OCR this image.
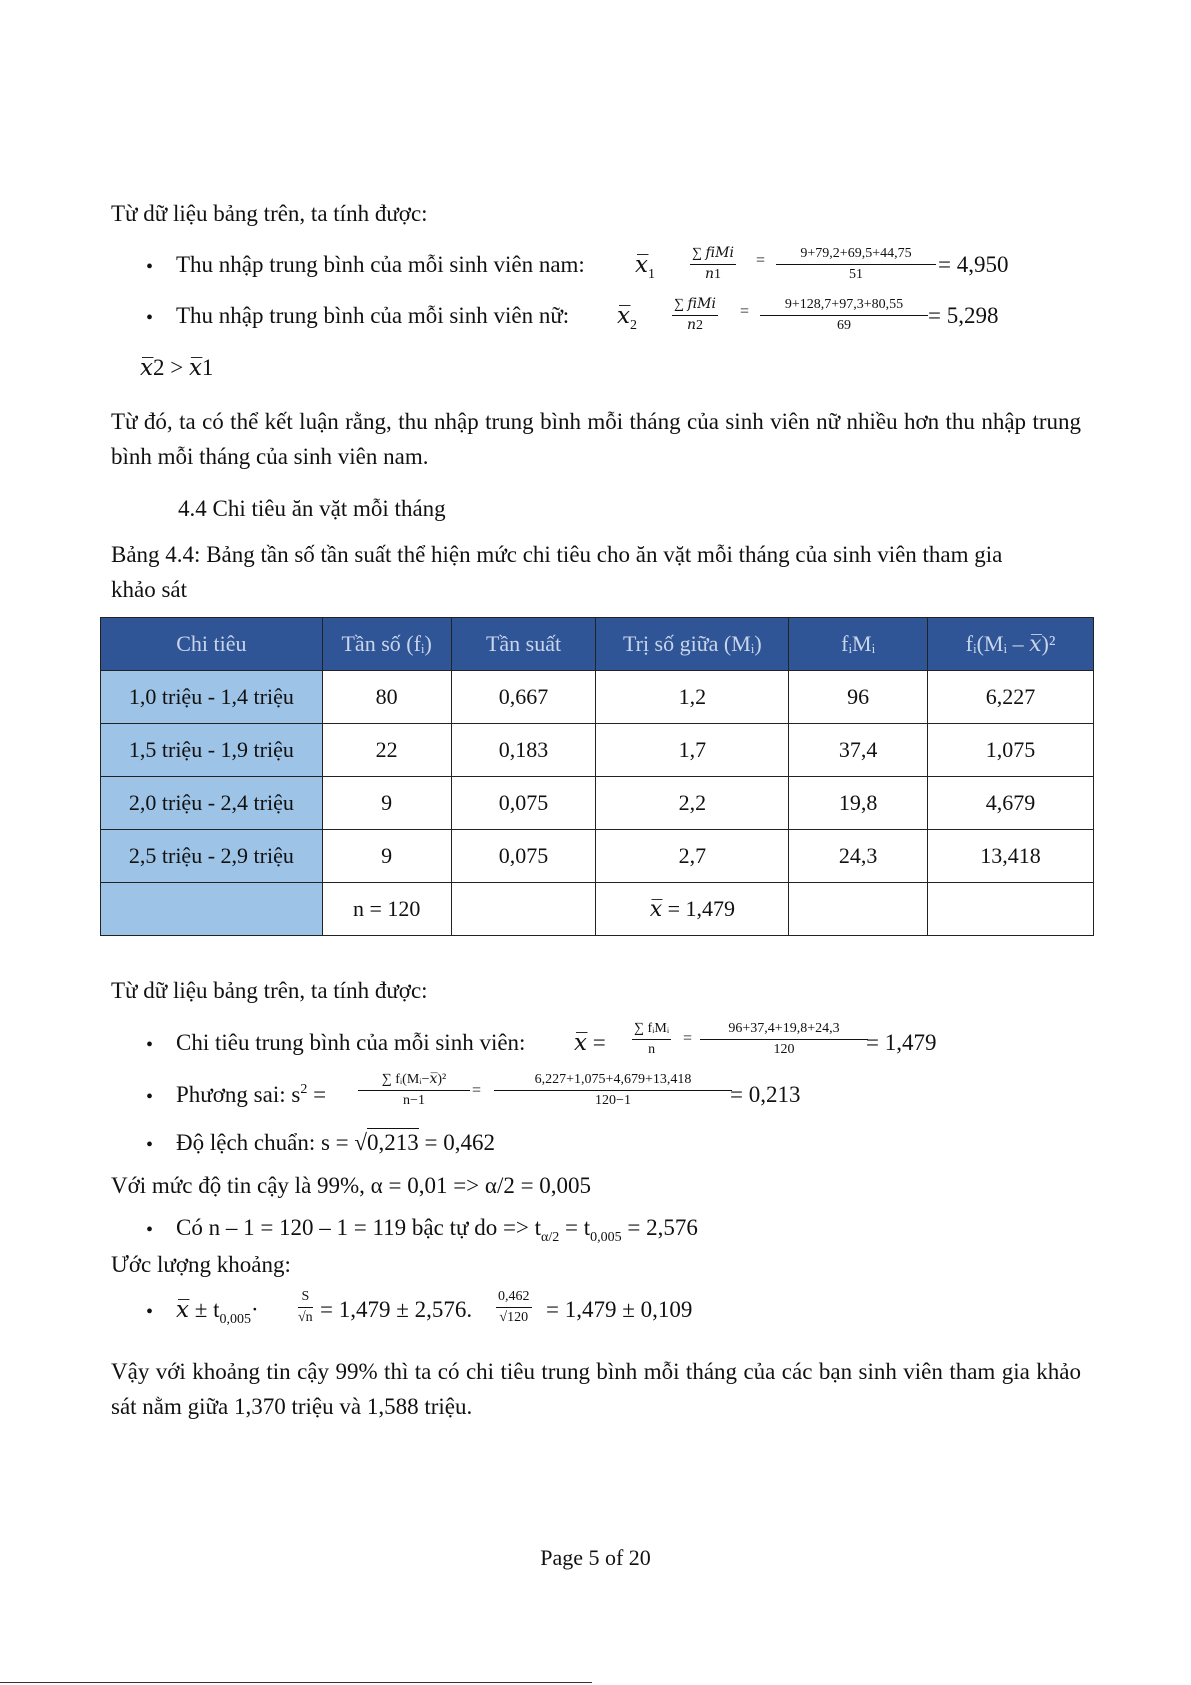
Từ dữ liệu bảng trên, ta tính được:
• Thu nhập trung bình của mỗi sinh viên nam: $𝑥̅_1$
∑ 𝑓𝑖𝑀𝑖
𝑛1
= $\frac{9+79,2+69,5+44,75}{51} = 4,950$
• Thu nhập trung bình của mỗi sinh viên nữ: $𝑥̅_2$
∑ 𝑓𝑖𝑀𝑖
𝑛2
= $\frac{9+128,7+97,3+80,55}{69} = 5,298$
𝑥̅2 > 𝑥̅1
Từ đó, ta có thể kết luận rằng, thu nhập trung bình mỗi tháng của sinh viên nữ nhiều hơn thu nhập trung bình mỗi tháng của sinh viên nam.
4.4 Chi tiêu ăn vặt mỗi tháng
Bảng 4.4: Bảng tần số tần suất thể hiện mức chi tiêu cho ăn vặt mỗi tháng của sinh viên tham gia khảo sát
Chi tiêu	Tần số (fᵢ)	Tần suất	Trị số giữa (Mᵢ)	fᵢMᵢ	fᵢ(Mᵢ – 𝑥̅)²
1,0 triệu - 1,4 triệu	80	0,667	1,2	96	6,227
1,5 triệu - 1,9 triệu	22	0,183	1,7	37,4	1,075
2,0 triệu - 2,4 triệu	9	0,075	2,2	19,8	4,679
2,5 triệu - 2,9 triệu	9	0,075	2,7	24,3	13,418
	n = 120		𝑥̅ = 1,479		
Từ dữ liệu bảng trên, ta tính được:
• Chi tiêu trung bình của mỗi sinh viên: 𝑥̅ =
∑ fᵢMᵢ
n
= $\frac{96+37,4+19,8+24,3}{120}$
= 1,479
• Phương sai: $s^2$ =
∑ fᵢ(Mᵢ−𝑥̅)²
n−1
= $\frac{6,227+1,075+4,679+13,418}{120-1}$
= 0,213
• Độ lệch chuẩn: s = √0,213 = 0,462
Với mức độ tin cậy là 99%, α = 0,01 => α/2 = 0,005
• Có n – 1 = 120 – 1 = 119 bậc tự do => $t_{\alpha/2} = t_{0,005} = 2,576$
Ước lượng khoảng:
• 𝑥̅ ± $t_{0,005}\cdot$	$\frac{S}{√n} = 1,479 \pm 2,576$. $\frac{0,462}{√120} = 1,479 \pm 0,109$
Vậy với khoảng tin cậy 99% thì ta có chi tiêu trung bình mỗi tháng của các bạn sinh viên tham gia khảo sát nằm giữa 1,370 triệu và 1,588 triệu.
Page 5 of 20
